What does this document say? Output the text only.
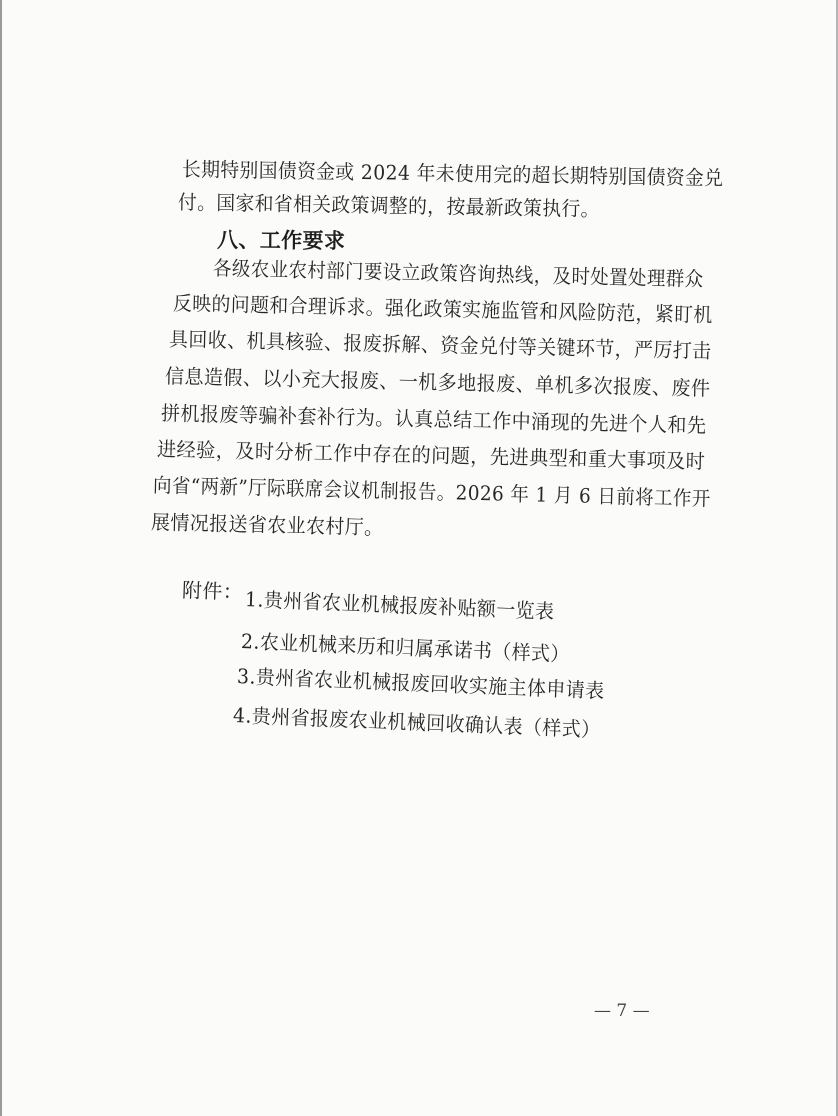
长期特别国债资金或 2024 年未使用完的超长期特别国债资金兑
付。国家和省相关政策调整的，按最新政策执行。
八、工作要求
各级农业农村部门要设立政策咨询热线，及时处置处理群众
反映的问题和合理诉求。强化政策实施监管和风险防范，紧盯机
具回收、机具核验、报废拆解、资金兑付等关键环节，严厉打击
信息造假、以小充大报废、一机多地报废、单机多次报废、废件
拼机报废等骗补套补行为。认真总结工作中涌现的先进个人和先
进经验，及时分析工作中存在的问题，先进典型和重大事项及时
向省“两新”厅际联席会议机制报告。2026 年 1 月 6 日前将工作开
展情况报送省农业农村厅。
附件： 1.贵州省农业机械报废补贴额一览表
2.农业机械来历和归属承诺书（样式）
3.贵州省农业机械报废回收实施主体申请表
4.贵州省报废农业机械回收确认表（样式）
— 7 —
